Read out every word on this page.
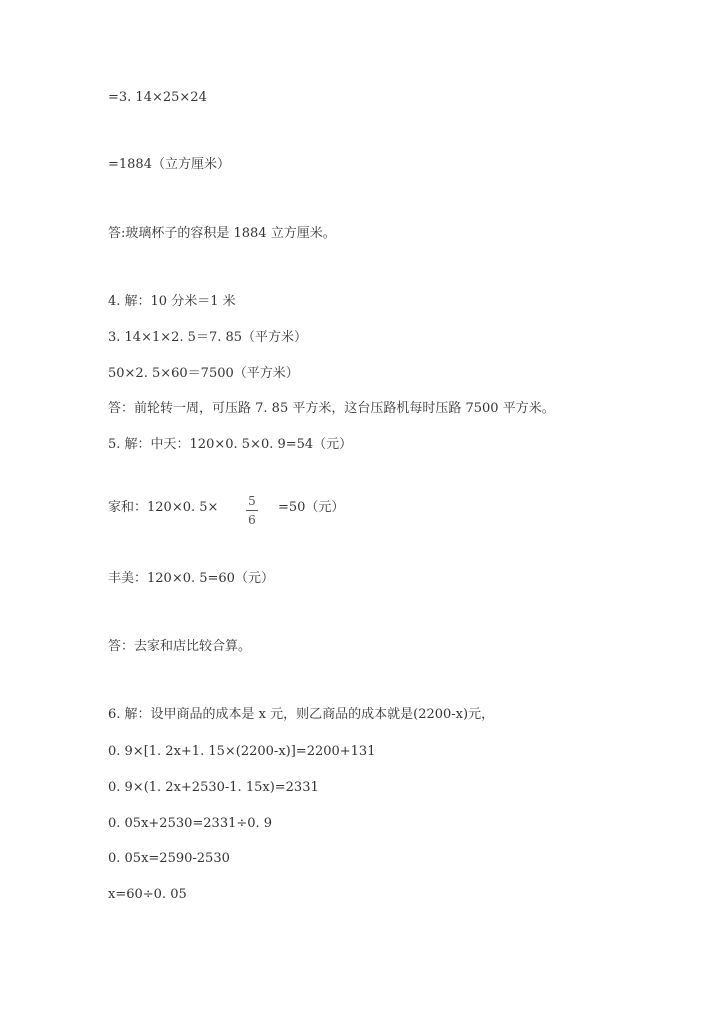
=3. 14×25×24
=1884（立方厘米）
答:玻璃杯子的容积是 1884 立方厘米。
4. 解：10 分米＝1 米
3. 14×1×2. 5＝7. 85（平方米）
50×2. 5×60＝7500（平方米）
答：前轮转一周，可压路 7. 85 平方米，这台压路机每时压路 7500 平方米。
5. 解：中天：120×0. 5×0. 9=54（元）
家和：120×0. 5×	5
6
=50（元）
丰美：120×0. 5=60（元）
答：去家和店比较合算。
6. 解：设甲商品的成本是 x 元，则乙商品的成本就是(2200-x)元，
0. 9×[1. 2x+1. 15×(2200-x)]=2200+131
0. 9×(1. 2x+2530-1. 15x)=2331
0. 05x+2530=2331÷0. 9
0. 05x=2590-2530
x=60÷0. 05
